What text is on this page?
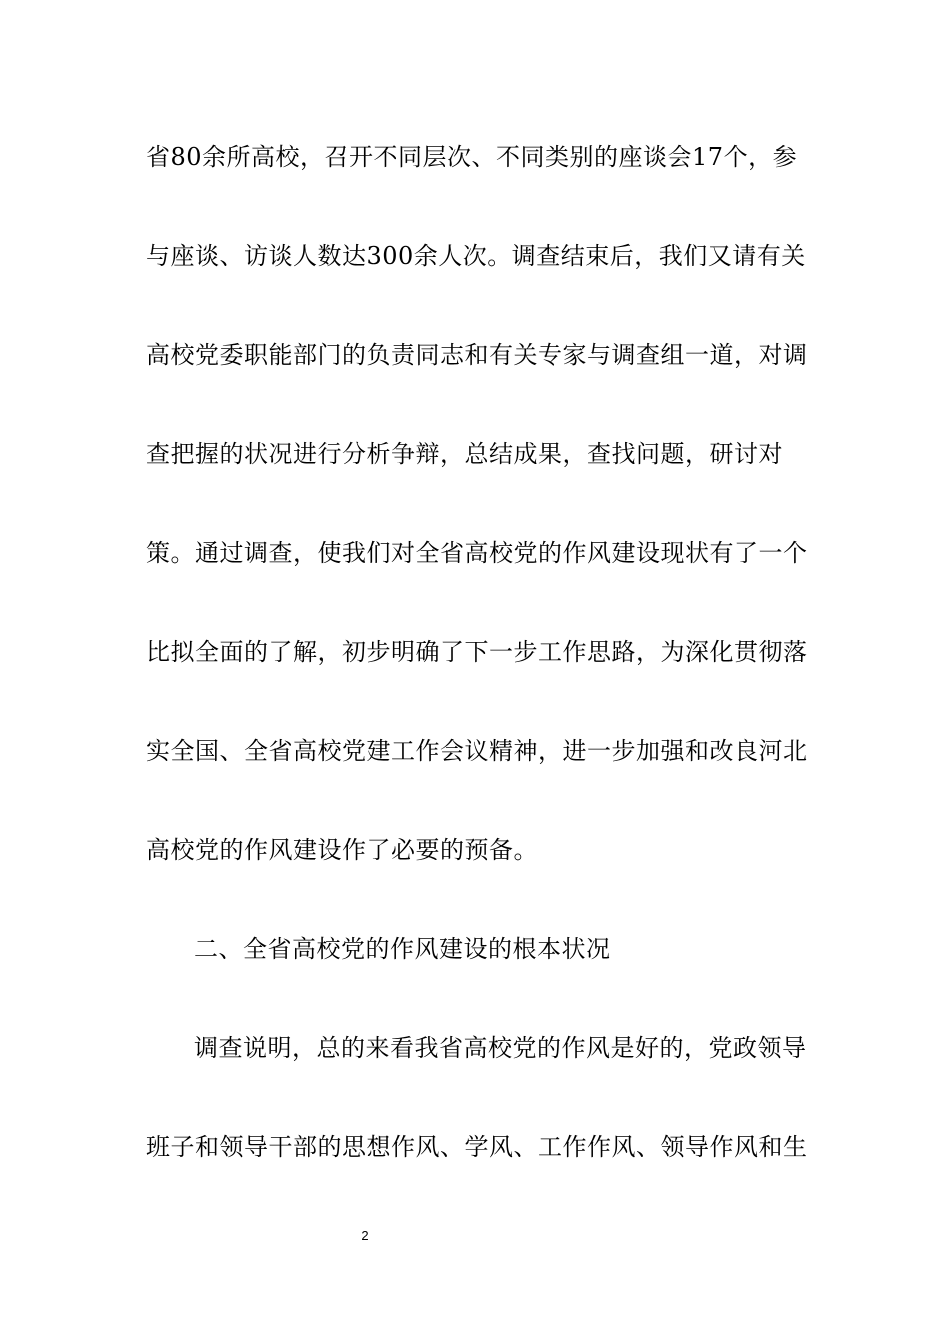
省80余所高校，召开不同层次、不同类别的座谈会17个，参
与座谈、访谈人数达300余人次。调查结束后，我们又请有关
高校党委职能部门的负责同志和有关专家与调查组一道，对调
查把握的状况进行分析争辩，总结成果，查找问题，研讨对
策。通过调查，使我们对全省高校党的作风建设现状有了一个
比拟全面的了解，初步明确了下一步工作思路，为深化贯彻落
实全国、全省高校党建工作会议精神，进一步加强和改良河北
高校党的作风建设作了必要的预备。
二、全省高校党的作风建设的根本状况
调查说明，总的来看我省高校党的作风是好的，党政领导
班子和领导干部的思想作风、学风、工作作风、领导作风和生
2
